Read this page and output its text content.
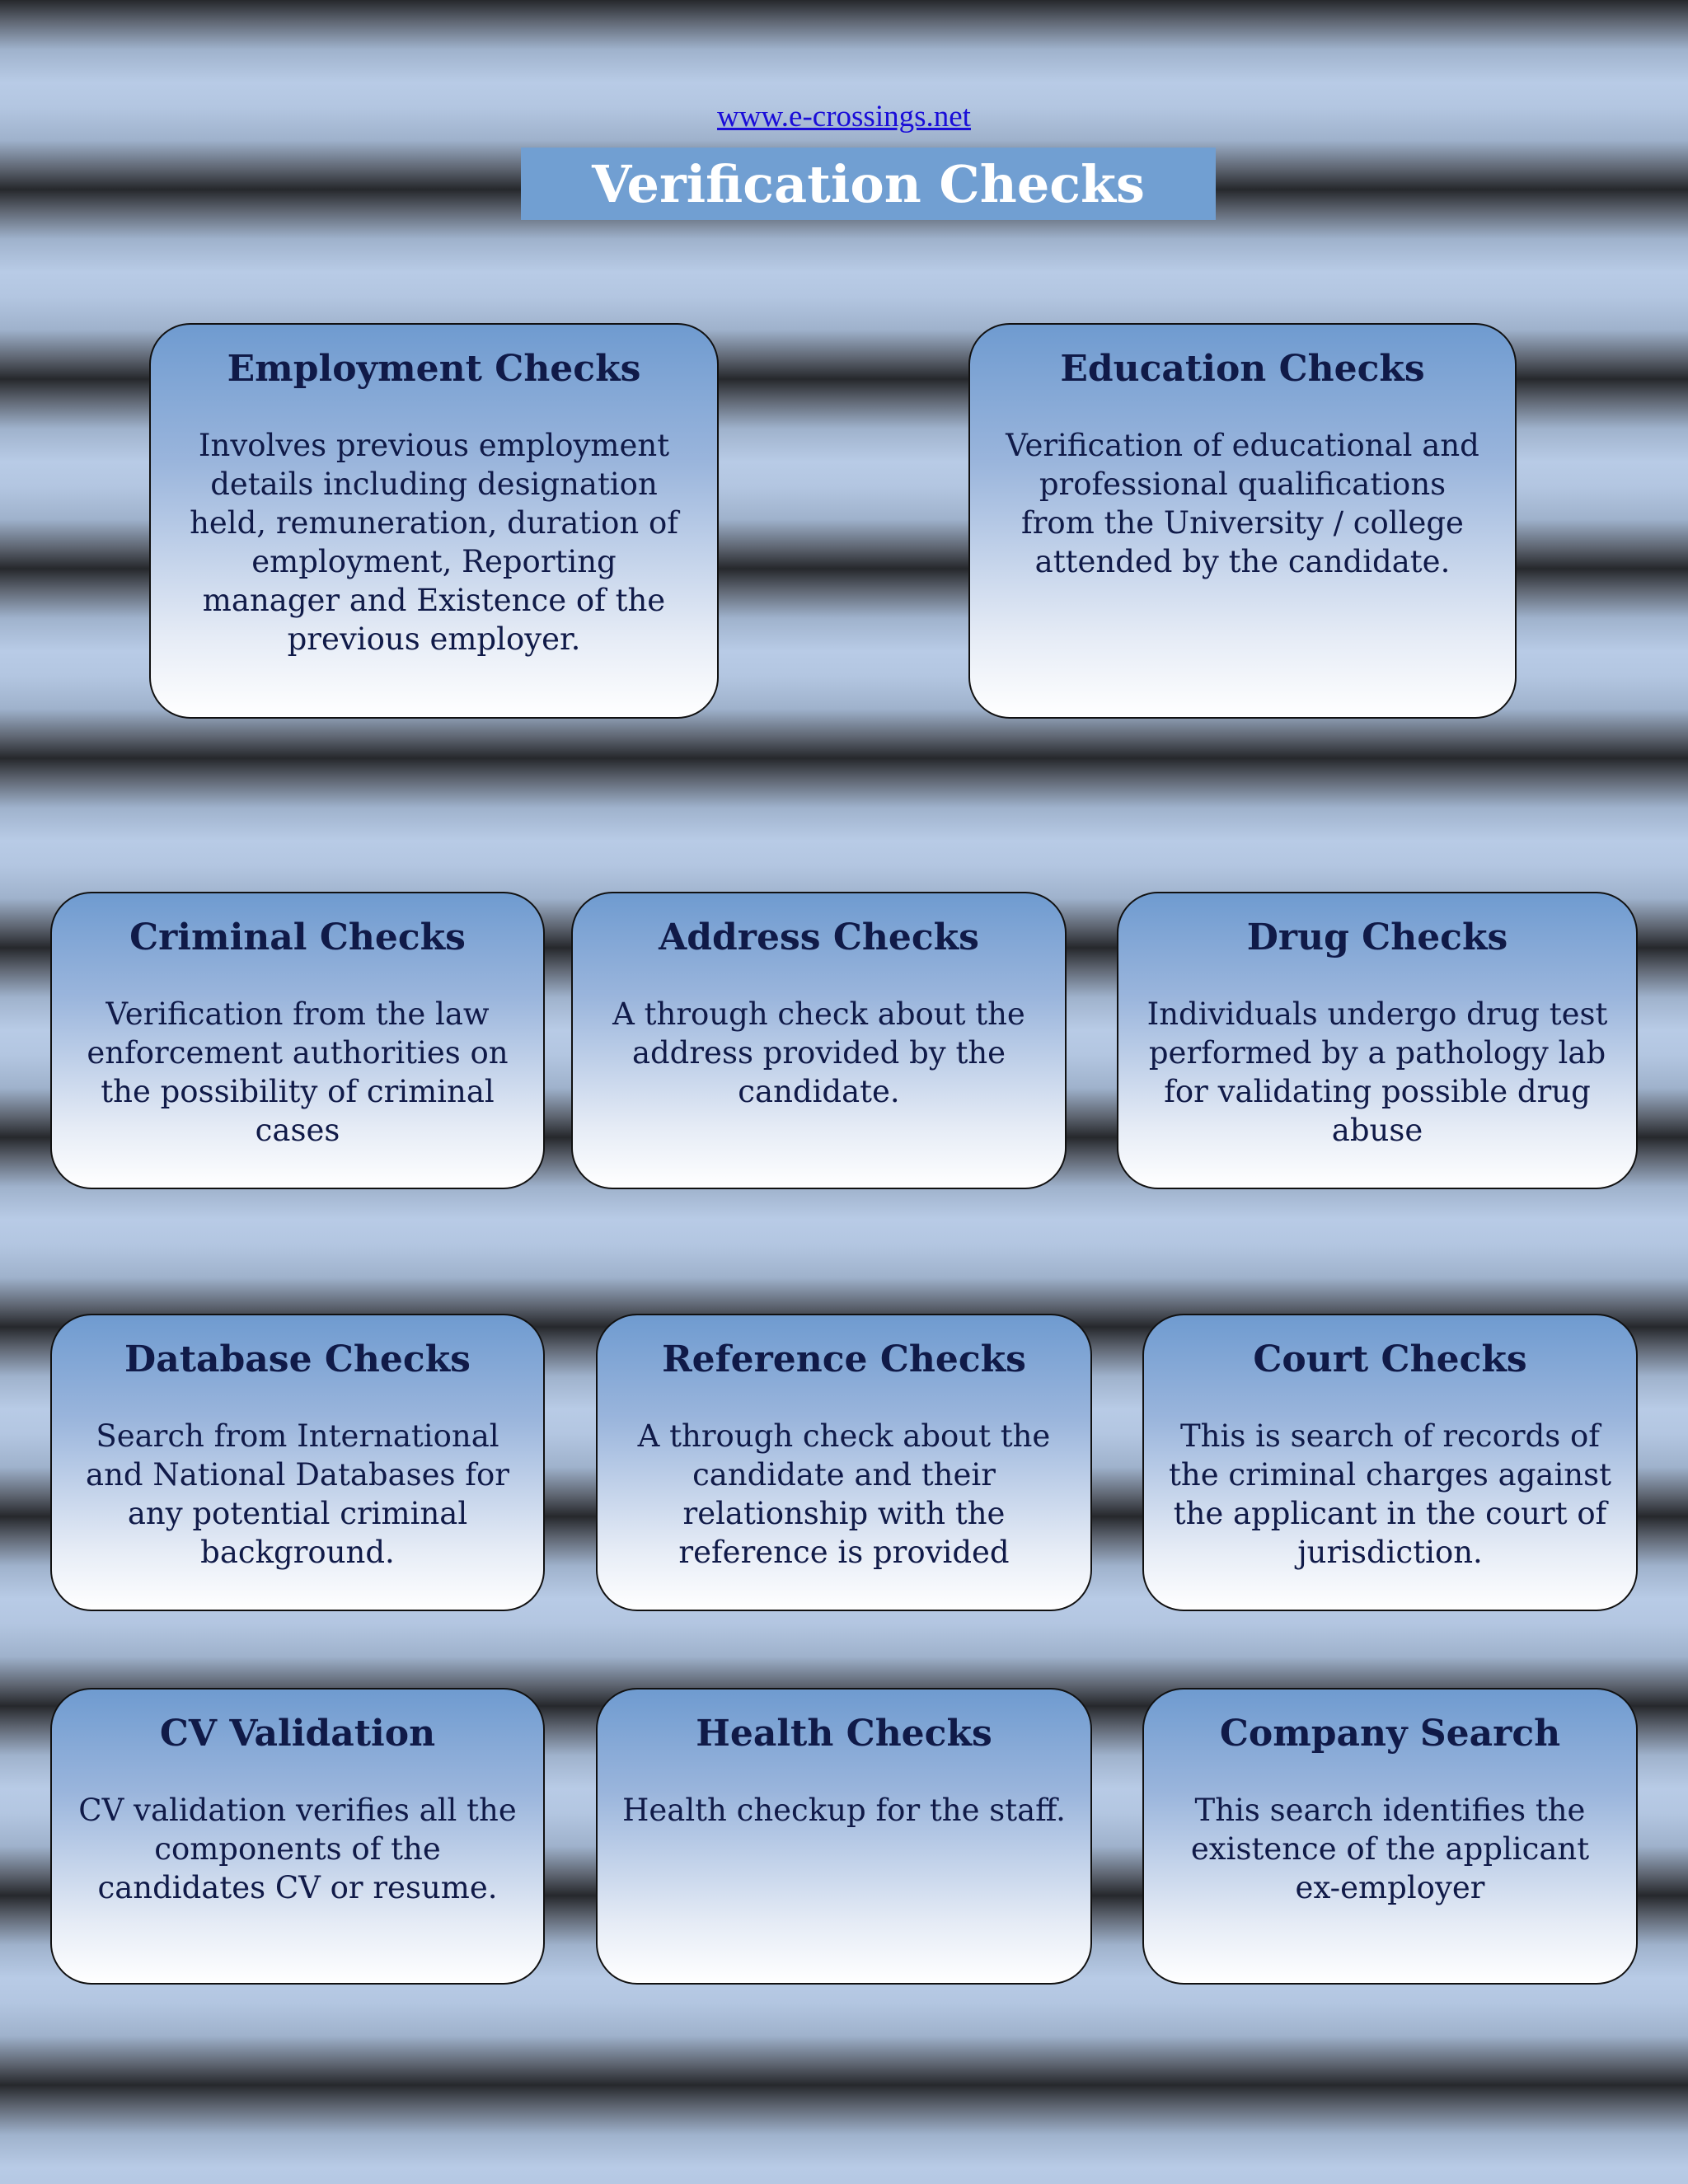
www.e-crossings.net
Verification Checks
Employment Checks

Involves previous employment details including designation held, remuneration, duration of employment, Reporting manager and Existence of the previous employer.

Education Checks

Verification of educational and professional qualifications from the University / college attended by the candidate.

Criminal Checks

Verification from the law enforcement authorities on the possibility of criminal cases

Address Checks

A through check about the address provided by the candidate.

Drug Checks

Individuals undergo drug test performed by a pathology lab for validating possible drug abuse

Database Checks

Search from International and National Databases for any potential criminal background.

Reference Checks

A through check about the candidate and their relationship with the reference is provided

Court Checks

This is search of records of the criminal charges against the applicant in the court of jurisdiction.

CV Validation

CV validation verifies all the components of the candidates CV or resume.

Health Checks

Health checkup for the staff.

Company Search

This search identifies the existence of the applicant ex-employer
